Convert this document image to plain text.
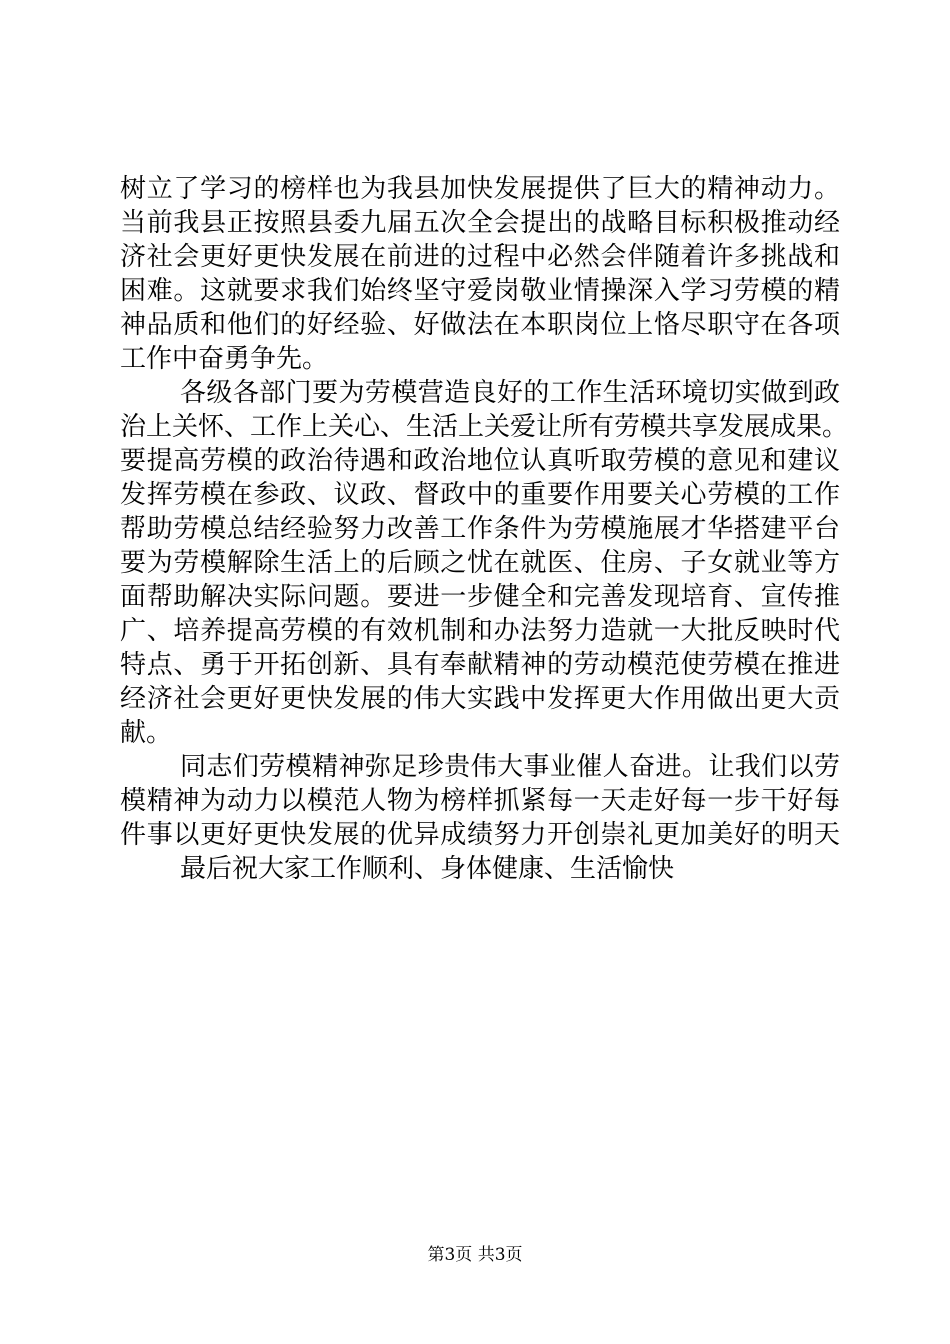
树立了学习的榜样也为我县加快发展提供了巨大的精神动力。
当前我县正按照县委九届五次全会提出的战略目标积极推动经
济社会更好更快发展在前进的过程中必然会伴随着许多挑战和
困难。这就要求我们始终坚守爱岗敬业情操深入学习劳模的精
神品质和他们的好经验、好做法在本职岗位上恪尽职守在各项
工作中奋勇争先。
各级各部门要为劳模营造良好的工作生活环境切实做到政
治上关怀、工作上关心、生活上关爱让所有劳模共享发展成果。
要提高劳模的政治待遇和政治地位认真听取劳模的意见和建议
发挥劳模在参政、议政、督政中的重要作用要关心劳模的工作
帮助劳模总结经验努力改善工作条件为劳模施展才华搭建平台
要为劳模解除生活上的后顾之忧在就医、住房、子女就业等方
面帮助解决实际问题。要进一步健全和完善发现培育、宣传推
广、培养提高劳模的有效机制和办法努力造就一大批反映时代
特点、勇于开拓创新、具有奉献精神的劳动模范使劳模在推进
经济社会更好更快发展的伟大实践中发挥更大作用做出更大贡
献。
同志们劳模精神弥足珍贵伟大事业催人奋进。让我们以劳
模精神为动力以模范人物为榜样抓紧每一天走好每一步干好每
件事以更好更快发展的优异成绩努力开创崇礼更加美好的明天
最后祝大家工作顺利、身体健康、生活愉快
第3页 共3页
